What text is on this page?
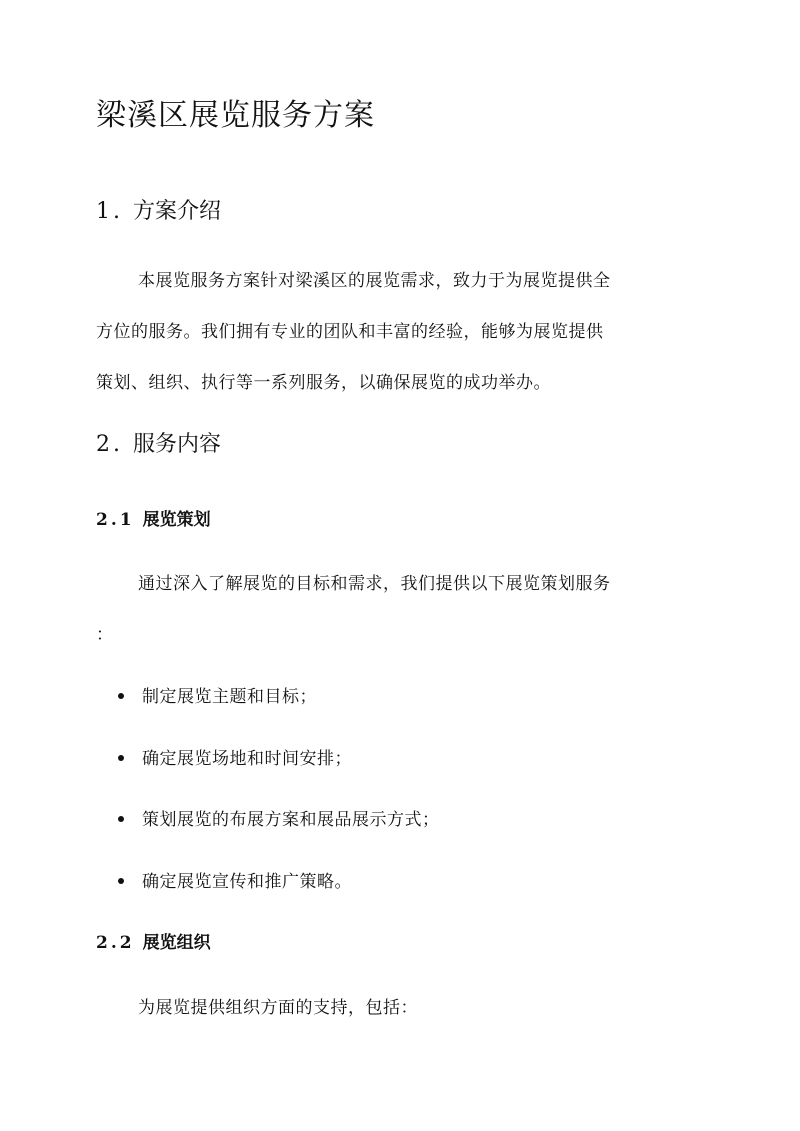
梁溪区展览服务方案
1. 方案介绍

本展览服务方案针对梁溪区的展览需求，致力于为展览提供全

方位的服务。我们拥有专业的团队和丰富的经验，能够为展览提供

策划、组织、执行等一系列服务，以确保展览的成功举办。

2. 服务内容
2.1 展览策划

通过深入了解展览的目标和需求，我们提供以下展览策划服务

：

制定展览主题和目标；
确定展览场地和时间安排；
策划展览的布展方案和展品展示方式；
确定展览宣传和推广策略。
2.2 展览组织

为展览提供组织方面的支持，包括：
